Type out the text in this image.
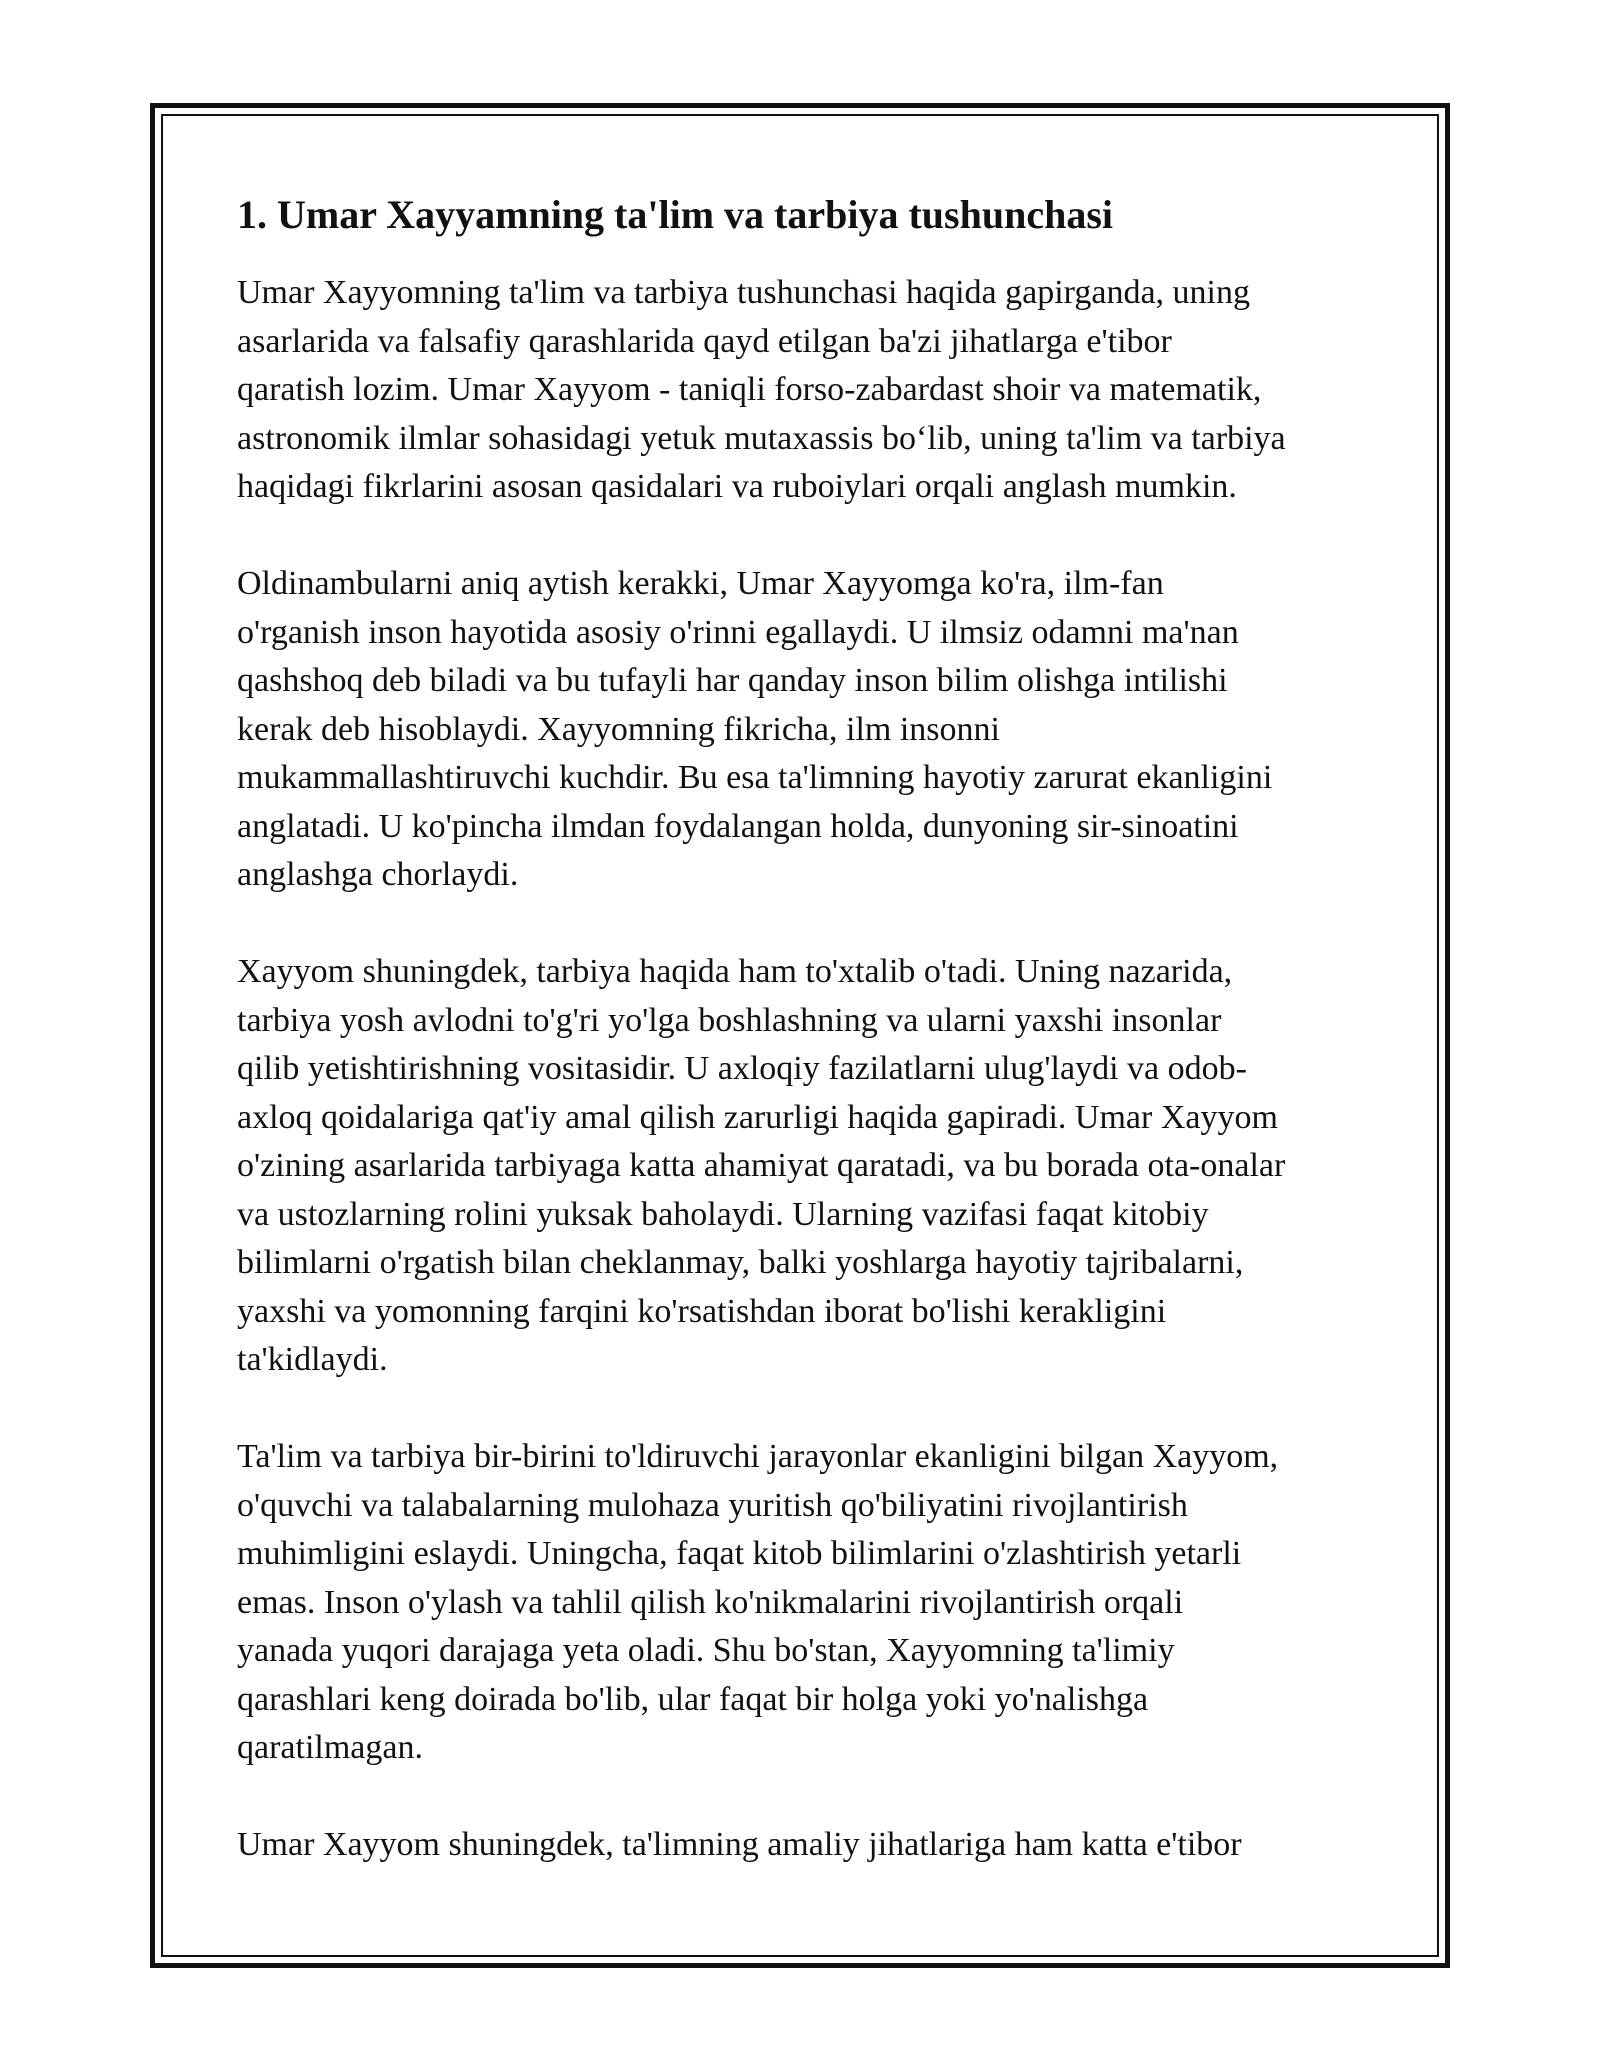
1. Umar Xayyamning ta'lim va tarbiya tushunchasi

Umar Xayyomning ta'lim va tarbiya tushunchasi haqida gapirganda, uning
asarlarida va falsafiy qarashlarida qayd etilgan ba'zi jihatlarga e'tibor
qaratish lozim. Umar Xayyom - taniqli forso-zabardast shoir va matematik,
astronomik ilmlar sohasidagi yetuk mutaxassis bo‘lib, uning ta'lim va tarbiya
haqidagi fikrlarini asosan qasidalari va ruboiylari orqali anglash mumkin.

Oldinambularni aniq aytish kerakki, Umar Xayyomga ko'ra, ilm-fan
o'rganish inson hayotida asosiy o'rinni egallaydi. U ilmsiz odamni ma'nan
qashshoq deb biladi va bu tufayli har qanday inson bilim olishga intilishi
kerak deb hisoblaydi. Xayyomning fikricha, ilm insonni
mukammallashtiruvchi kuchdir. Bu esa ta'limning hayotiy zarurat ekanligini
anglatadi. U ko'pincha ilmdan foydalangan holda, dunyoning sir-sinoatini
anglashga chorlaydi.

Xayyom shuningdek, tarbiya haqida ham to'xtalib o'tadi. Uning nazarida,
tarbiya yosh avlodni to'g'ri yo'lga boshlashning va ularni yaxshi insonlar
qilib yetishtirishning vositasidir. U axloqiy fazilatlarni ulug'laydi va odob-
axloq qoidalariga qat'iy amal qilish zarurligi haqida gapiradi. Umar Xayyom
o'zining asarlarida tarbiyaga katta ahamiyat qaratadi, va bu borada ota-onalar
va ustozlarning rolini yuksak baholaydi. Ularning vazifasi faqat kitobiy
bilimlarni o'rgatish bilan cheklanmay, balki yoshlarga hayotiy tajribalarni,
yaxshi va yomonning farqini ko'rsatishdan iborat bo'lishi kerakligini
ta'kidlaydi.

Ta'lim va tarbiya bir-birini to'ldiruvchi jarayonlar ekanligini bilgan Xayyom,
o'quvchi va talabalarning mulohaza yuritish qo'biliyatini rivojlantirish
muhimligini eslaydi. Uningcha, faqat kitob bilimlarini o'zlashtirish yetarli
emas. Inson o'ylash va tahlil qilish ko'nikmalarini rivojlantirish orqali
yanada yuqori darajaga yeta oladi. Shu bo'stan, Xayyomning ta'limiy
qarashlari keng doirada bo'lib, ular faqat bir holga yoki yo'nalishga
qaratilmagan.

Umar Xayyom shuningdek, ta'limning amaliy jihatlariga ham katta e'tibor
